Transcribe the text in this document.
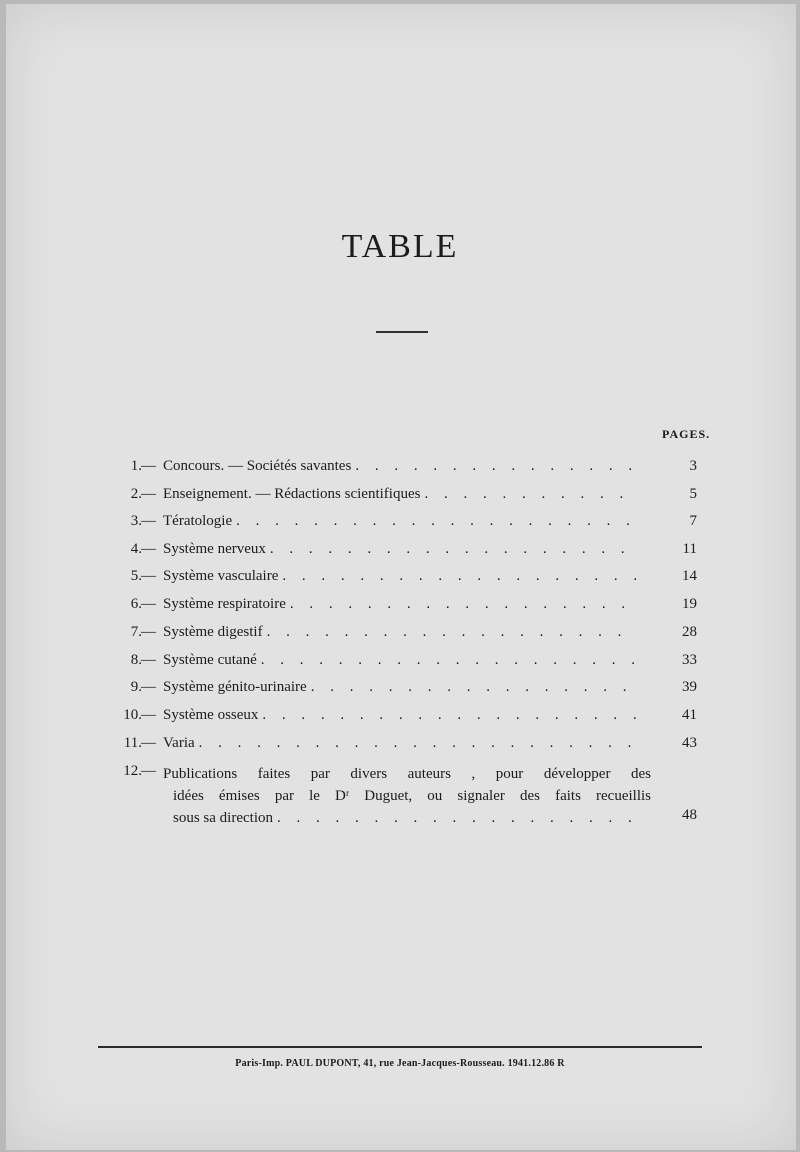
TABLE
PAGES.
1. — Concours. — Sociétés savantes . . .	3
2. — Enseignement. — Rédactions scientifiques . . .	5
3. — Tératologie . . .	7
4. — Système nerveux . . .	11
5. — Système vasculaire . . .	14
6. — Système respiratoire . . .	19
7. — Système digestif . . .	28
8. — Système cutané . . .	33
9. — Système génito-urinaire . . .	39
10. — Système osseux . . .	41
11. — Varia . . .	43
12. — Publications faites par divers auteurs , pour développer des
idées émises par le Dʳ Duguet, ou signaler des faits recueillis
sous sa direction . . .	48
Paris-Imp. PAUL DUPONT, 41, rue Jean-Jacques-Rousseau. 1941.12.86 R
